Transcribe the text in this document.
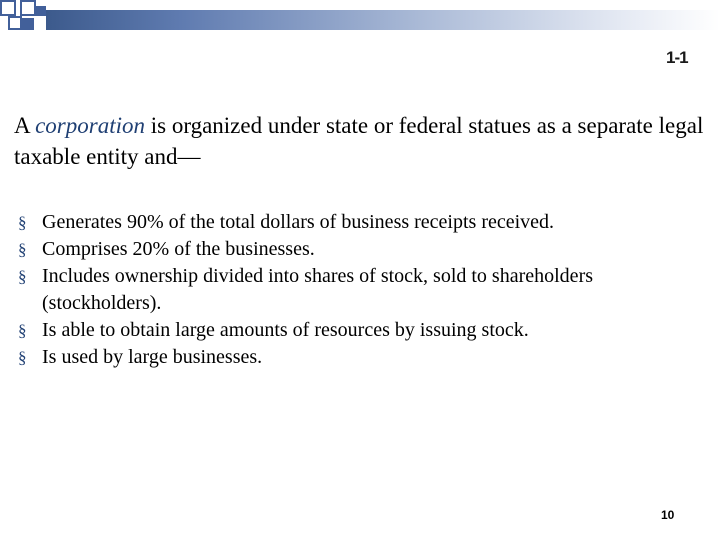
1-1

A corporation is organized under state or federal statues as a separate legal taxable entity and—

§ Generates 90% of the total dollars of business receipts received.
§ Comprises 20% of the businesses.
§ Includes ownership divided into shares of stock, sold to shareholders (stockholders).
§ Is able to obtain large amounts of resources by issuing stock.
§ Is used by large businesses.
10
